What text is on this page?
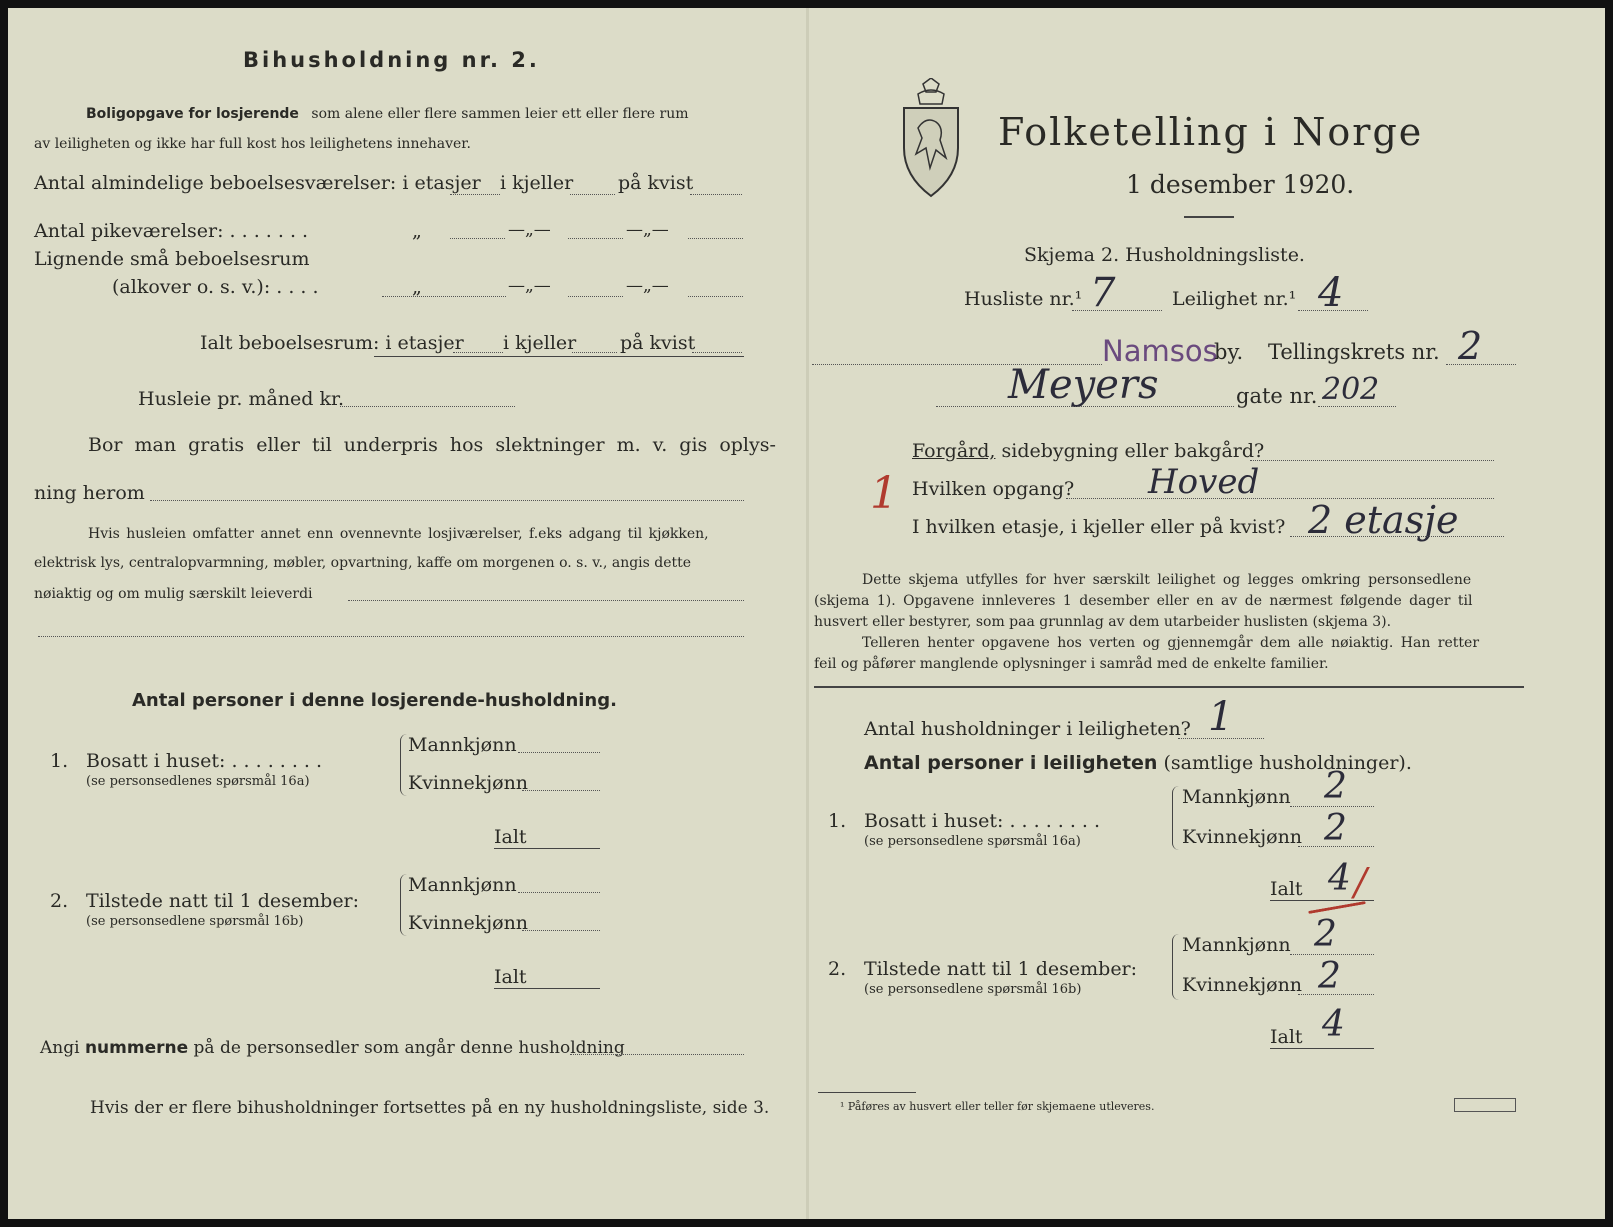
Bihusholdning nr. 2.
Boligopgave for losjerende som alene eller flere sammen leier ett eller flere rum
av leiligheten og ikke har full kost hos leilighetens innehaver.
Antal almindelige beboelsesværelser: i etasjer i kjeller på kvist
Antal pikeværelser: . . . . . . .	„	—„—	—„—
Lignende små beboelsesrum
(alkover o. s. v.): . . . .	„	—„—	—„—
Ialt beboelsesrum: i etasjer i kjeller på kvist
Husleie pr. måned kr.
Bor man gratis eller til underpris hos slektninger m. v. gis oplys-
ning herom
Hvis husleien omfatter annet enn ovennevnte losjiværelser, f.eks adgang til kjøkken,
elektrisk lys, centralopvarmning, møbler, opvartning, kaffe om morgenen o. s. v., angis dette
nøiaktig og om mulig særskilt leieverdi
Antal personer i denne losjerende-husholdning.
1. Bosatt i huset: . . . . . . . .
(se personsedlenes spørsmål 16a)
Mannkjønn
Kvinnekjønn
Ialt
2. Tilstede natt til 1 desember:
(se personsedlene spørsmål 16b)
Mannkjønn
Kvinnekjønn
Ialt
Angi nummerne på de personsedler som angår denne husholdning
Hvis der er flere bihusholdninger fortsettes på en ny husholdningsliste, side 3.
Folketelling i Norge
1 desember 1920.
Skjema 2. Husholdningsliste.
Husliste nr.¹ 7	Leilighet nr.¹ 4
Namsos
by. Tellingskrets nr. 2
Meyers	gate nr. 202
Forgård, sidebygning eller bakgård?
1 Hvilken opgang? Hoved
I hvilken etasje, i kjeller eller på kvist? 2 etasje
Dette skjema utfylles for hver særskilt leilighet og legges omkring personsedlene
(skjema 1). Opgavene innleveres 1 desember eller en av de nærmest følgende dager til
husvert eller bestyrer, som paa grunnlag av dem utarbeider huslisten (skjema 3).
Telleren henter opgavene hos verten og gjennemgår dem alle nøiaktig. Han retter
feil og påfører manglende oplysninger i samråd med de enkelte familier.
Antal husholdninger i leiligheten? 1
Antal personer i leiligheten (samtlige husholdninger).
1. Bosatt i huset: . . . . . . . .
(se personsedlene spørsmål 16a)
Mannkjønn 2
Kvinnekjønn 2
Ialt 4 /
2. Tilstede natt til 1 desember:
(se personsedlene spørsmål 16b)
Mannkjønn 2
Kvinnekjønn 2
Ialt 4
¹ Påføres av husvert eller teller før skjemaene utleveres.
